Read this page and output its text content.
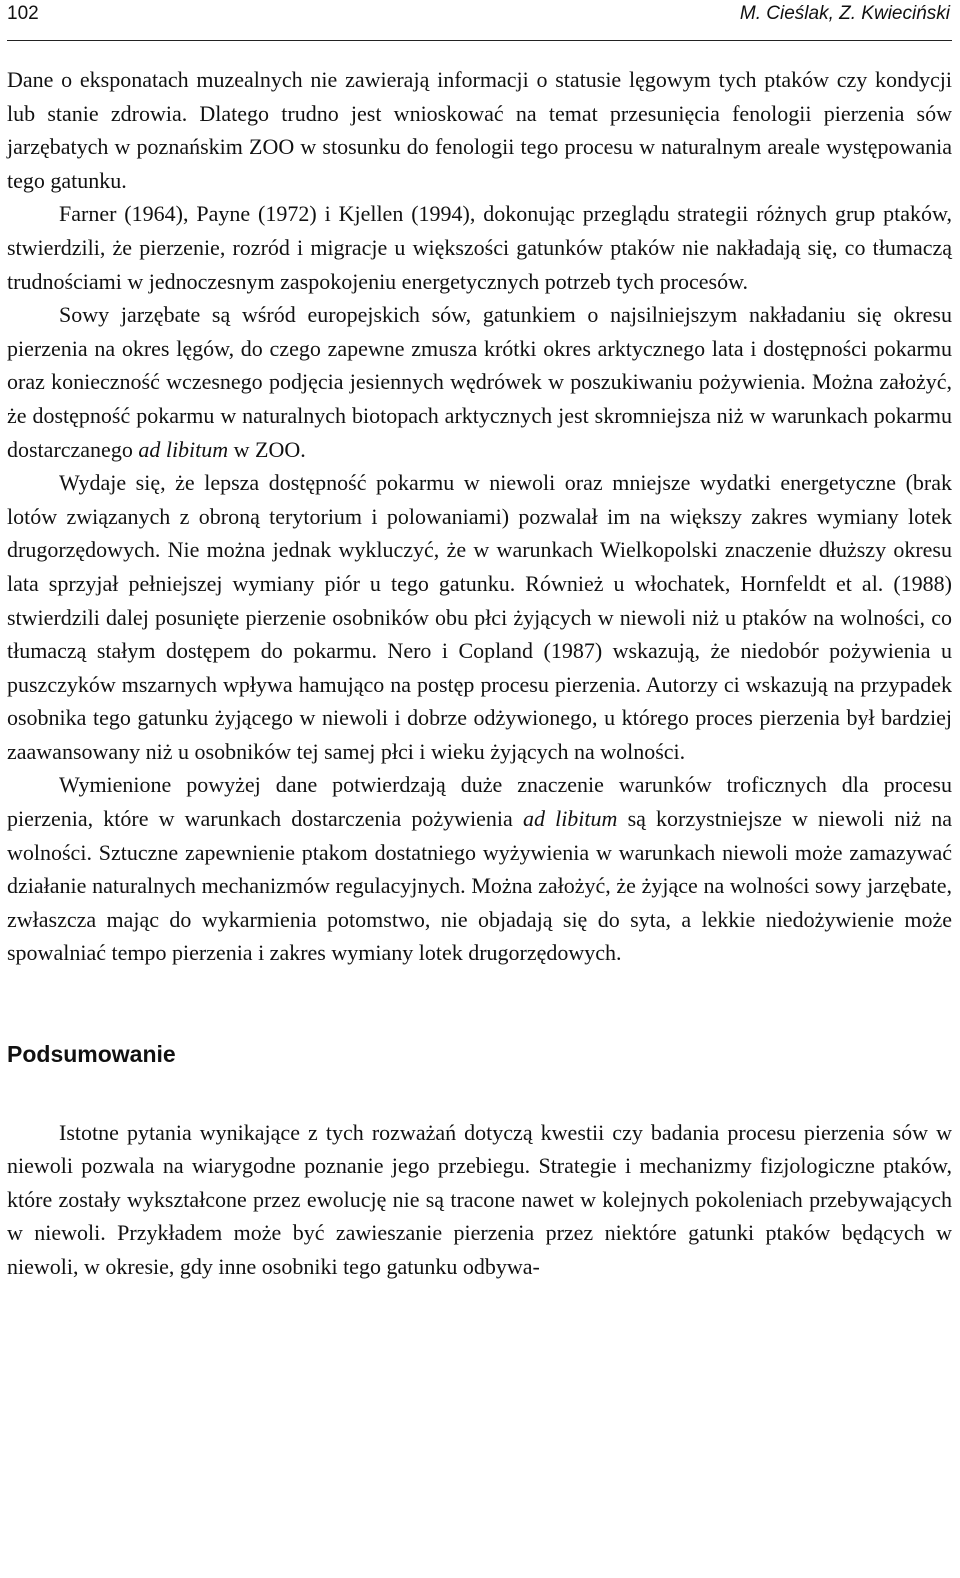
102	M. Cieślak, Z. Kwieciński

Dane o eksponatach muzealnych nie zawierają informacji o statusie lęgowym tych ptaków czy kondycji lub stanie zdrowia. Dlatego trudno jest wnioskować na temat przesunięcia fenologii pierzenia sów jarzębatych w poznańskim ZOO w stosunku do fenologii tego procesu w naturalnym areale występowania tego gatunku.

Farner (1964), Payne (1972) i Kjellen (1994), dokonując przeglądu strategii różnych grup ptaków, stwierdzili, że pierzenie, rozród i migracje u większości gatunków ptaków nie nakładają się, co tłumaczą trudnościami w jednoczesnym zaspokojeniu energetycznych potrzeb tych procesów.

Sowy jarzębate są wśród europejskich sów, gatunkiem o najsilniejszym nakładaniu się okresu pierzenia na okres lęgów, do czego zapewne zmusza krótki okres arktycznego lata i dostępności pokarmu oraz konieczność wczesnego podjęcia jesiennych wędrówek w poszukiwaniu pożywienia. Można założyć, że dostępność pokarmu w naturalnych biotopach arktycznych jest skromniejsza niż w warunkach pokarmu dostarczanego ad libitum w ZOO.

Wydaje się, że lepsza dostępność pokarmu w niewoli oraz mniejsze wydatki energetyczne (brak lotów związanych z obroną terytorium i polowaniami) pozwalał im na większy zakres wymiany lotek drugorzędowych. Nie można jednak wykluczyć, że w warunkach Wielkopolski znaczenie dłuższy okresu lata sprzyjał pełniejszej wymiany piór u tego gatunku. Również u włochatek, Hornfeldt et al. (1988) stwierdzili dalej posunięte pierzenie osobników obu płci żyjących w niewoli niż u ptaków na wolności, co tłumaczą stałym dostępem do pokarmu. Nero i Copland (1987) wskazują, że niedobór pożywienia u puszczyków mszarnych wpływa hamująco na postęp procesu pierzenia. Autorzy ci wskazują na przypadek osobnika tego gatunku żyjącego w niewoli i dobrze odżywionego, u którego proces pierzenia był bardziej zaawansowany niż u osobników tej samej płci i wieku żyjących na wolności.

Wymienione powyżej dane potwierdzają duże znaczenie warunków troficznych dla procesu pierzenia, które w warunkach dostarczenia pożywienia ad libitum są korzystniejsze w niewoli niż na wolności. Sztuczne zapewnienie ptakom dostatniego wyżywienia w warunkach niewoli może zamazywać działanie naturalnych mechanizmów regulacyjnych. Można założyć, że żyjące na wolności sowy jarzębate, zwłaszcza mając do wykarmienia potomstwo, nie objadają się do syta, a lekkie niedożywienie może spowalniać tempo pierzenia i zakres wymiany lotek drugorzędowych.

Podsumowanie

Istotne pytania wynikające z tych rozważań dotyczą kwestii czy badania procesu pierzenia sów w niewoli pozwala na wiarygodne poznanie jego przebiegu. Strategie i mechanizmy fizjologiczne ptaków, które zostały wykształcone przez ewolucję nie są tracone nawet w kolejnych pokoleniach przebywających w niewoli. Przykładem może być zawieszanie pierzenia przez niektóre gatunki ptaków będących w niewoli, w okresie, gdy inne osobniki tego gatunku odbywa-
